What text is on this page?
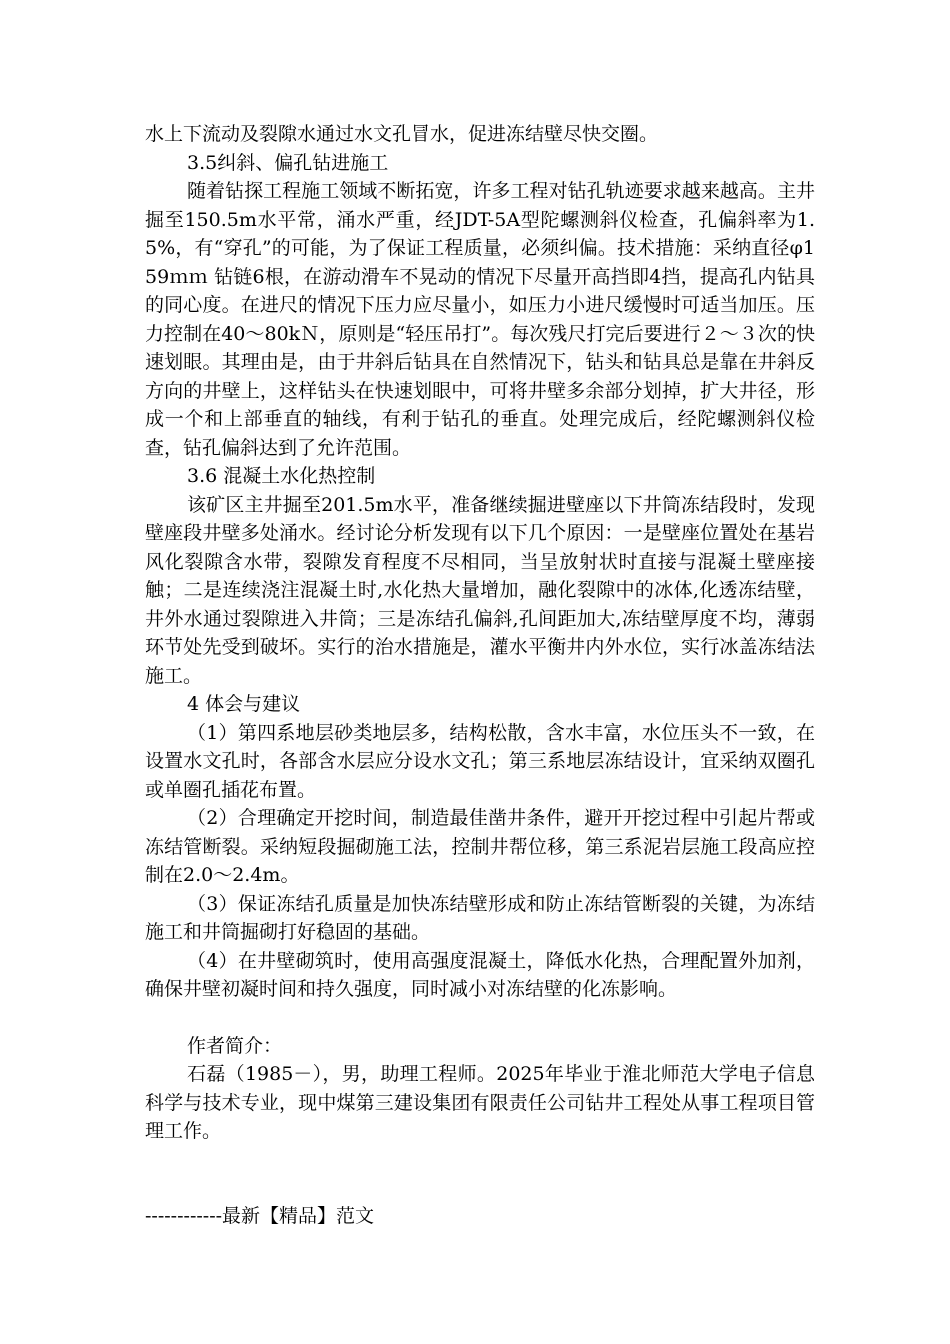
水上下流动及裂隙水通过水文孔冒水，促进冻结壁尽快交圈。

3.5纠斜、偏孔钻进施工

随着钻探工程施工领域不断拓宽，许多工程对钻孔轨迹要求越来越高。主井掘至150.5m水平常，涌水严重，经JDT-5A型陀螺测斜仪检查，孔偏斜率为1.5%，有“穿孔”的可能，为了保证工程质量，必须纠偏。技术措施：采纳直径φ159ｍｍ 钻链6根，在游动滑车不晃动的情况下尽量开高挡即4挡，提高孔内钻具的同心度。在进尺的情况下压力应尽量小，如压力小进尺缓慢时可适当加压。压力控制在40～80kＮ，原则是“轻压吊打”。每次残尺打完后要进行２～３次的快速划眼。其理由是，由于井斜后钻具在自然情况下，钻头和钻具总是靠在井斜反方向的井壁上，这样钻头在快速划眼中，可将井壁多余部分划掉，扩大井径，形成一个和上部垂直的轴线，有利于钻孔的垂直。处理完成后，经陀螺测斜仪检查，钻孔偏斜达到了允许范围。

3.6 混凝土水化热控制

该矿区主井掘至201.5m水平，准备继续掘进壁座以下井筒冻结段时，发现壁座段井壁多处涌水。经讨论分析发现有以下几个原因：一是壁座位置处在基岩风化裂隙含水带，裂隙发育程度不尽相同，当呈放射状时直接与混凝土壁座接触；二是连续浇注混凝土时,水化热大量增加，融化裂隙中的冰体,化透冻结壁，井外水通过裂隙进入井筒；三是冻结孔偏斜,孔间距加大,冻结壁厚度不均，薄弱环节处先受到破坏。实行的治水措施是，灌水平衡井内外水位，实行冰盖冻结法施工。

4 体会与建议

（1）第四系地层砂类地层多，结构松散，含水丰富，水位压头不一致，在设置水文孔时，各部含水层应分设水文孔；第三系地层冻结设计，宜采纳双圈孔或单圈孔插花布置。

（2）合理确定开挖时间，制造最佳凿井条件，避开开挖过程中引起片帮或冻结管断裂。采纳短段掘砌施工法，控制井帮位移，第三系泥岩层施工段高应控制在2.0～2.4m。

（3）保证冻结孔质量是加快冻结壁形成和防止冻结管断裂的关键，为冻结施工和井筒掘砌打好稳固的基础。

（4）在井壁砌筑时，使用高强度混凝土，降低水化热，合理配置外加剂，确保井壁初凝时间和持久强度，同时减小对冻结壁的化冻影响。

作者简介：

石磊（1985－），男，助理工程师。2025年毕业于淮北师范大学电子信息科学与技术专业，现中煤第三建设集团有限责任公司钻井工程处从事工程项目管理工作。

------------最新【精品】范文
